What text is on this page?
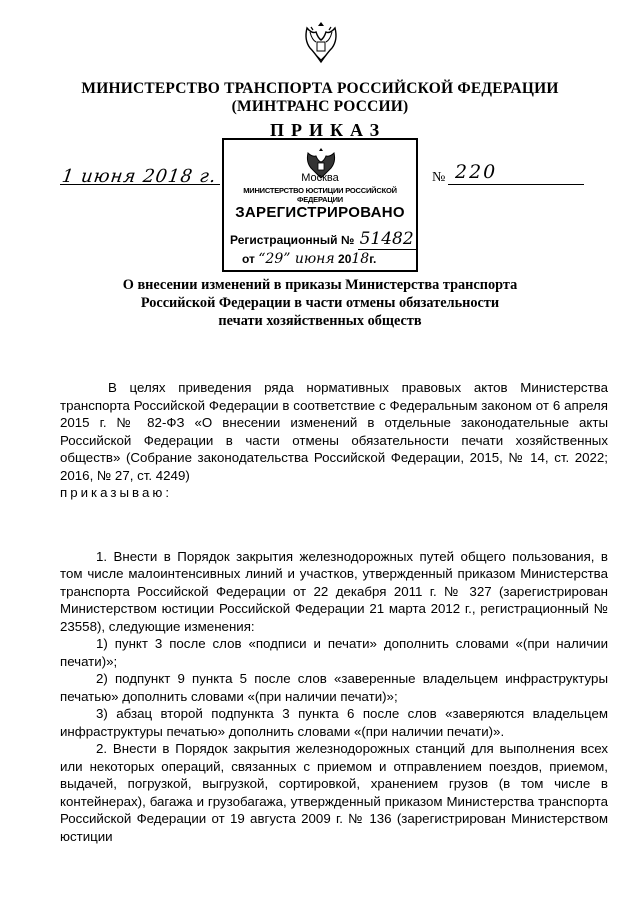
МИНИСТЕРСТВО ТРАНСПОРТА РОССИЙСКОЙ ФЕДЕРАЦИИ
(МИНТРАНС РОССИИ)
ПРИКАЗ
1 июня 2018 г.	№ 220
Москва
МИНИСТЕРСТВО ЮСТИЦИИ РОССИЙСКОЙ ФЕДЕРАЦИИ
ЗАРЕГИСТРИРОВАНО
Регистрационный № 51482
от “29” июня 2018г.
О внесении изменений в приказы Министерства транспорта
Российской Федерации в части отмены обязательности
печати хозяйственных обществ

В целях приведения ряда нормативных правовых актов Министерства транспорта Российской Федерации в соответствие с Федеральным законом от 6 апреля 2015 г. № 82-ФЗ «О внесении изменений в отдельные законодательные акты Российской Федерации в части отмены обязательности печати хозяйственных обществ» (Собрание законодательства Российской Федерации, 2015, № 14, ст. 2022; 2016, № 27, ст. 4249)

приказываю:

1. Внести в Порядок закрытия железнодорожных путей общего пользования, в том числе малоинтенсивных линий и участков, утвержденный приказом Министерства транспорта Российской Федерации от 22 декабря 2011 г. № 327 (зарегистрирован Министерством юстиции Российской Федерации 21 марта 2012 г., регистрационный № 23558), следующие изменения:

1) пункт 3 после слов «подписи и печати» дополнить словами «(при наличии печати)»;

2) подпункт 9 пункта 5 после слов «заверенные владельцем инфраструктуры печатью» дополнить словами «(при наличии печати)»;

3) абзац второй подпункта 3 пункта 6 после слов «заверяются владельцем инфраструктуры печатью» дополнить словами «(при наличии печати)».

2. Внести в Порядок закрытия железнодорожных станций для выполнения всех или некоторых операций, связанных с приемом и отправлением поездов, приемом, выдачей, погрузкой, выгрузкой, сортировкой, хранением грузов (в том числе в контейнерах), багажа и грузобагажа, утвержденный приказом Министерства транспорта Российской Федерации от 19 августа 2009 г. № 136 (зарегистрирован Министерством юстиции
